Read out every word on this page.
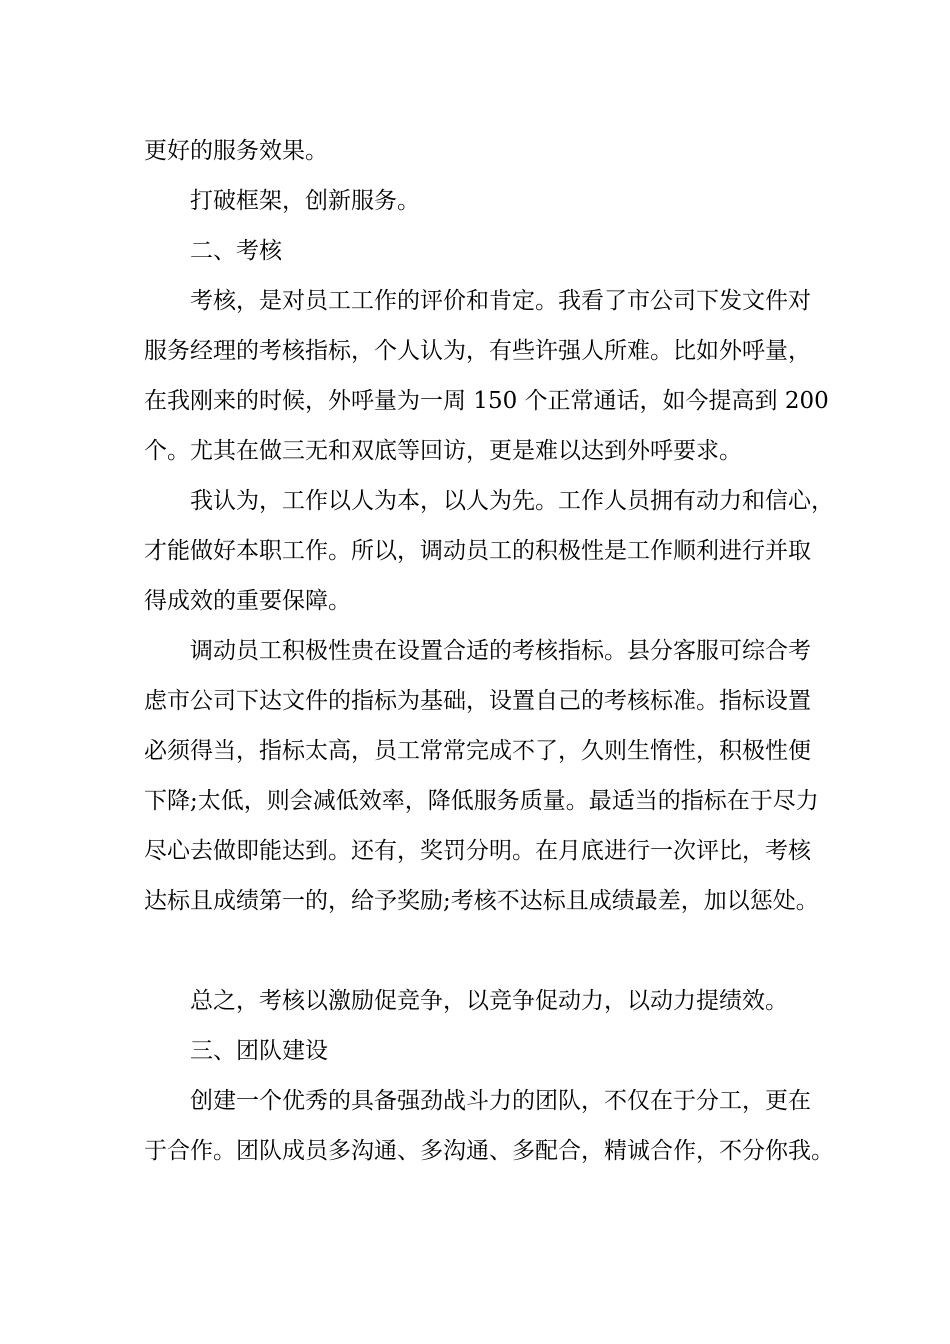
更好的服务效果。
打破框架，创新服务。
二、考核
考核，是对员工工作的评价和肯定。我看了市公司下发文件对
服务经理的考核指标，个人认为，有些许强人所难。比如外呼量，
在我刚来的时候，外呼量为一周 150 个正常通话，如今提高到 200
个。尤其在做三无和双底等回访，更是难以达到外呼要求。
我认为，工作以人为本，以人为先。工作人员拥有动力和信心，
才能做好本职工作。所以，调动员工的积极性是工作顺利进行并取
得成效的重要保障。
调动员工积极性贵在设置合适的考核指标。县分客服可综合考
虑市公司下达文件的指标为基础，设置自己的考核标准。指标设置
必须得当，指标太高，员工常常完成不了，久则生惰性，积极性便
下降;太低，则会减低效率，降低服务质量。最适当的指标在于尽力
尽心去做即能达到。还有，奖罚分明。在月底进行一次评比，考核
达标且成绩第一的，给予奖励;考核不达标且成绩最差，加以惩处。
总之，考核以激励促竞争，以竞争促动力，以动力提绩效。
三、团队建设
创建一个优秀的具备强劲战斗力的团队，不仅在于分工，更在
于合作。团队成员多沟通、多沟通、多配合，精诚合作，不分你我。
